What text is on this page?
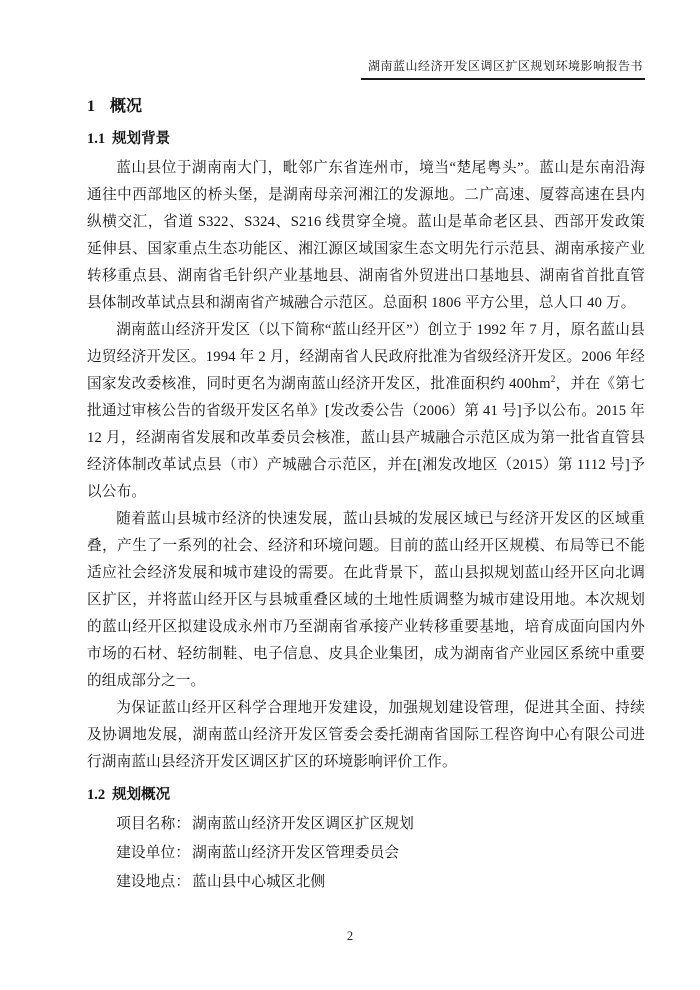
湖南蓝山经济开发区调区扩区规划环境影响报告书
1 概况
1.1 规划背景

蓝山县位于湖南南大门，毗邻广东省连州市，境当“楚尾粤头”。蓝山是东南沿海通往中西部地区的桥头堡，是湖南母亲河湘江的发源地。二广高速、厦蓉高速在县内纵横交汇，省道 S322、S324、S216 线贯穿全境。蓝山是革命老区县、西部开发政策延伸县、国家重点生态功能区、湘江源区域国家生态文明先行示范县、湖南承接产业转移重点县、湖南省毛针织产业基地县、湖南省外贸进出口基地县、湖南省首批直管县体制改革试点县和湖南省产城融合示范区。总面积 1806 平方公里，总人口 40 万。

湖南蓝山经济开发区（以下简称“蓝山经开区”）创立于 1992 年 7 月，原名蓝山县边贸经济开发区。1994 年 2 月，经湖南省人民政府批准为省级经济开发区。2006 年经国家发改委核准，同时更名为湖南蓝山经济开发区，批准面积约 $400hm^2$，并在《第七批通过审核公告的省级开发区名单》[发改委公告（2006）第 41 号]予以公布。2015 年 12 月，经湖南省发展和改革委员会核准，蓝山县产城融合示范区成为第一批省直管县经济体制改革试点县（市）产城融合示范区，并在[湘发改地区（2015）第 1112 号]予以公布。

随着蓝山县城市经济的快速发展，蓝山县城的发展区域已与经济开发区的区域重叠，产生了一系列的社会、经济和环境问题。目前的蓝山经开区规模、布局等已不能适应社会经济发展和城市建设的需要。在此背景下，蓝山县拟规划蓝山经开区向北调区扩区，并将蓝山经开区与县城重叠区域的土地性质调整为城市建设用地。本次规划的蓝山经开区拟建设成永州市乃至湖南省承接产业转移重要基地，培育成面向国内外市场的石材、轻纺制鞋、电子信息、皮具企业集团，成为湖南省产业园区系统中重要的组成部分之一。

为保证蓝山经开区科学合理地开发建设，加强规划建设管理，促进其全面、持续及协调地发展，湖南蓝山经济开发区管委会委托湖南省国际工程咨询中心有限公司进行湖南蓝山县经济开发区调区扩区的环境影响评价工作。

1.2 规划概况

项目名称： 湖南蓝山经济开发区调区扩区规划

建设单位： 湖南蓝山经济开发区管理委员会

建设地点： 蓝山县中心城区北侧

2
